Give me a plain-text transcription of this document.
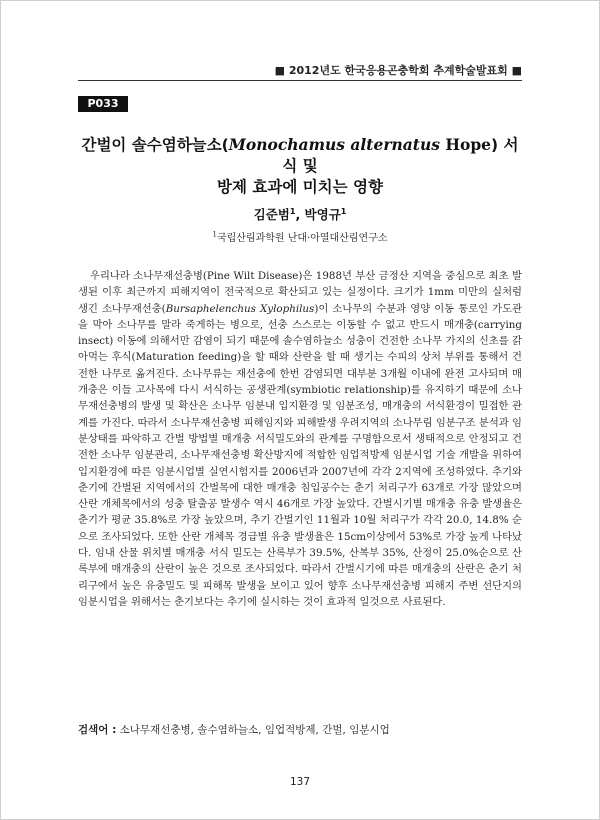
■ 2012년도 한국응용곤충학회 추계학술발표회 ■
P033
간벌이 솔수염하늘소(Monochamus alternatus Hope) 서식 및
방제 효과에 미치는 영향
김준범$^1$, 박영규$^1$
$^1$국립산림과학원 난대·아열대산림연구소

우리나라 소나무재선충병(Pine Wilt Disease)은 1988년 부산 금정산 지역을 중심으로 최초 발생된 이후 최근까지 피해지역이 전국적으로 확산되고 있는 실정이다. 크기가 1mm 미만의 실처럼 생긴 소나무재선충(Bursaphelenchus Xylophilus)이 소나무의 수분과 영양 이동 통로인 가도관을 막아 소나무를 말라 죽게하는 병으로, 선충 스스로는 이동할 수 없고 반드시 매개충(carrying insect) 이동에 의해서만 감염이 되기 때문에 솔수염하늘소 성충이 건전한 소나무 가지의 신초를 갉아먹는 후식(Maturation feeding)을 할 때와 산란을 할 때 생기는 수피의 상처 부위를 통해서 건전한 나무로 옮겨진다. 소나무류는 재선충에 한번 감염되면 대부분 3개월 이내에 완전 고사되며 매개충은 이들 고사목에 다시 서식하는 공생관계(symbiotic relationship)를 유지하기 때문에 소나무재선충병의 발생 및 확산은 소나무 임분내 입지환경 및 임분조성, 매개충의 서식환경이 밀접한 관계를 가진다. 따라서 소나무재선충병 피해임지와 피해발생 우려지역의 소나무림 임분구조 분석과 임분상태를 파악하고 간벌 방법별 매개충 서식밀도와의 관계를 구명함으로서 생태적으로 안정되고 건전한 소나무 임분관리, 소나무재선충병 확산방지에 적합한 임업적방제 임분시업 기술 개발을 위하여 입지환경에 따른 임분시업별 실연시험지를 2006년과 2007년에 각각 2지역에 조성하였다. 추기와 춘기에 간벌된 지역에서의 간벌목에 대한 매개충 침입공수는 춘기 처리구가 63개로 가장 많았으며 산란 개체목에서의 성충 탈출공 발생수 역시 46개로 가장 높았다. 간벌시기별 매개충 유충 발생율은 춘기가 평균 35.8%로 가장 높았으며, 추기 간벌기인 11월과 10월 처리구가 각각 20.0, 14.8% 순으로 조사되었다. 또한 산란 개체목 경급별 유충 발생율은 15cm이상에서 53%로 가장 높게 나타났다. 임내 산물 위치별 매개충 서식 밀도는 산록부가 39.5%, 산복부 35%, 산정이 25.0%순으로 산록부에 매개충의 산란이 높은 것으로 조사되었다. 따라서 간벌시기에 따른 매개충의 산란은 춘기 처리구에서 높은 유충밀도 및 피해목 발생을 보이고 있어 향후 소나무재선충병 피해지 주변 선단지의 임분시업을 위해서는 춘기보다는 추기에 실시하는 것이 효과적 일것으로 사료된다.

검색어 : 소나무재선충병, 솔수염하늘소, 임업적방제, 간벌, 임분시업
137
